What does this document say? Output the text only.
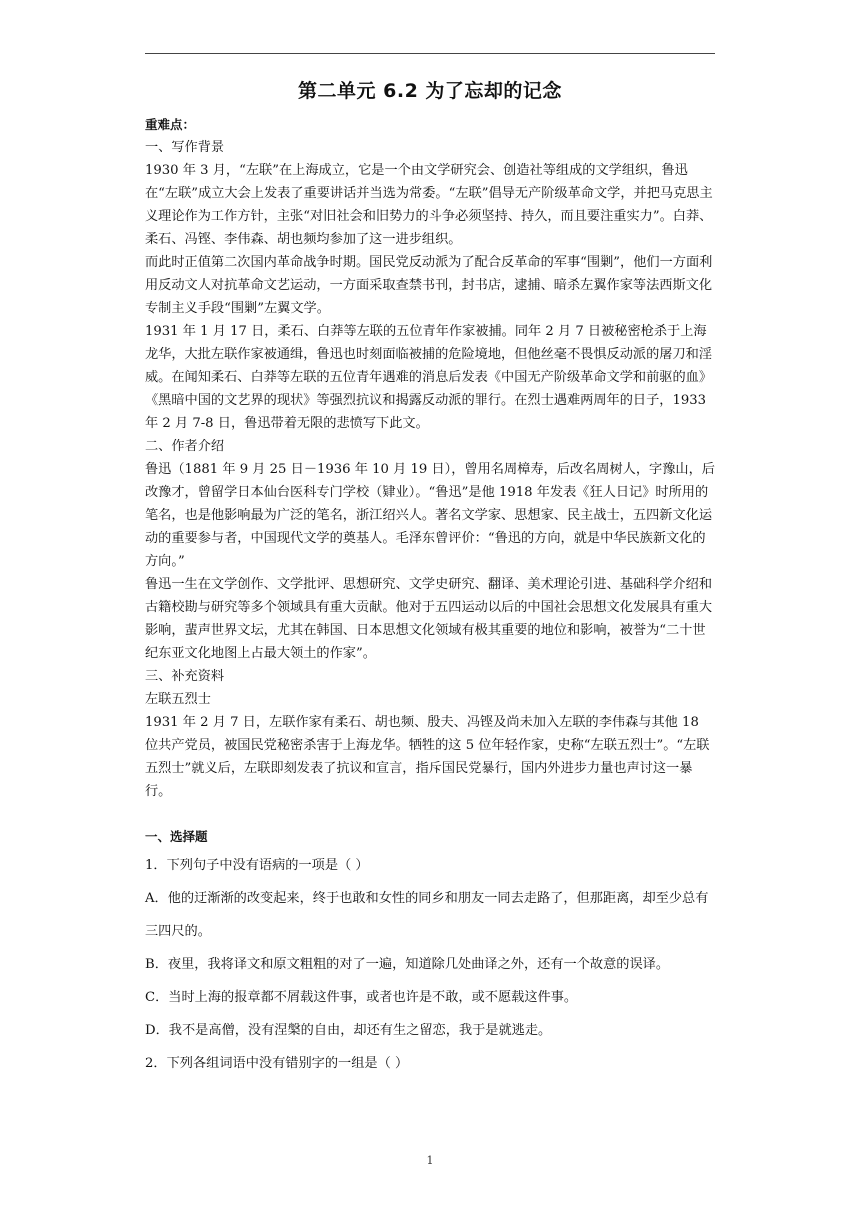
第二单元 6.2 为了忘却的记念

重难点：

一、写作背景

1930 年 3 月，“左联”在上海成立，它是一个由文学研究会、创造社等组成的文学组织，鲁迅在“左联”成立大会上发表了重要讲话并当选为常委。“左联”倡导无产阶级革命文学，并把马克思主义理论作为工作方针，主张“对旧社会和旧势力的斗争必须坚持、持久，而且要注重实力”。白莽、柔石、冯铿、李伟森、胡也频均参加了这一进步组织。

而此时正值第二次国内革命战争时期。国民党反动派为了配合反革命的军事“围剿”，他们一方面利用反动文人对抗革命文艺运动，一方面采取查禁书刊，封书店，逮捕、暗杀左翼作家等法西斯文化专制主义手段“围剿”左翼文学。

1931 年 1 月 17 日，柔石、白莽等左联的五位青年作家被捕。同年 2 月 7 日被秘密枪杀于上海龙华，大批左联作家被通缉，鲁迅也时刻面临被捕的危险境地，但他丝毫不畏惧反动派的屠刀和淫威。在闻知柔石、白莽等左联的五位青年遇难的消息后发表《中国无产阶级革命文学和前驱的血》《黑暗中国的文艺界的现状》等强烈抗议和揭露反动派的罪行。在烈士遇难两周年的日子，1933 年 2 月 7-8 日，鲁迅带着无限的悲愤写下此文。

二、作者介绍

鲁迅（1881 年 9 月 25 日－1936 年 10 月 19 日），曾用名周樟寿，后改名周树人，字豫山，后改豫才，曾留学日本仙台医科专门学校（肄业）。“鲁迅”是他 1918 年发表《狂人日记》时所用的笔名，也是他影响最为广泛的笔名，浙江绍兴人。著名文学家、思想家、民主战士，五四新文化运动的重要参与者，中国现代文学的奠基人。毛泽东曾评价：“鲁迅的方向，就是中华民族新文化的方向。”

鲁迅一生在文学创作、文学批评、思想研究、文学史研究、翻译、美术理论引进、基础科学介绍和古籍校勘与研究等多个领域具有重大贡献。他对于五四运动以后的中国社会思想文化发展具有重大影响，蜚声世界文坛，尤其在韩国、日本思想文化领域有极其重要的地位和影响，被誉为“二十世纪东亚文化地图上占最大领土的作家”。

三、补充资料

左联五烈士

1931 年 2 月 7 日，左联作家有柔石、胡也频、殷夫、冯铿及尚未加入左联的李伟森与其他 18 位共产党员，被国民党秘密杀害于上海龙华。牺牲的这 5 位年轻作家，史称“左联五烈士”。“左联五烈士”就义后，左联即刻发表了抗议和宣言，指斥国民党暴行，国内外进步力量也声讨这一暴行。

一、选择题

1．下列句子中没有语病的一项是（ ）

A．他的迂渐渐的改变起来，终于也敢和女性的同乡和朋友一同去走路了，但那距离，却至少总有三四尺的。

B．夜里，我将译文和原文粗粗的对了一遍，知道除几处曲译之外，还有一个故意的误译。

C．当时上海的报章都不屑载这件事，或者也许是不敢，或不愿载这件事。

D．我不是高僧，没有涅槃的自由，却还有生之留恋，我于是就逃走。

2．下列各组词语中没有错别字的一组是（ ）

1
